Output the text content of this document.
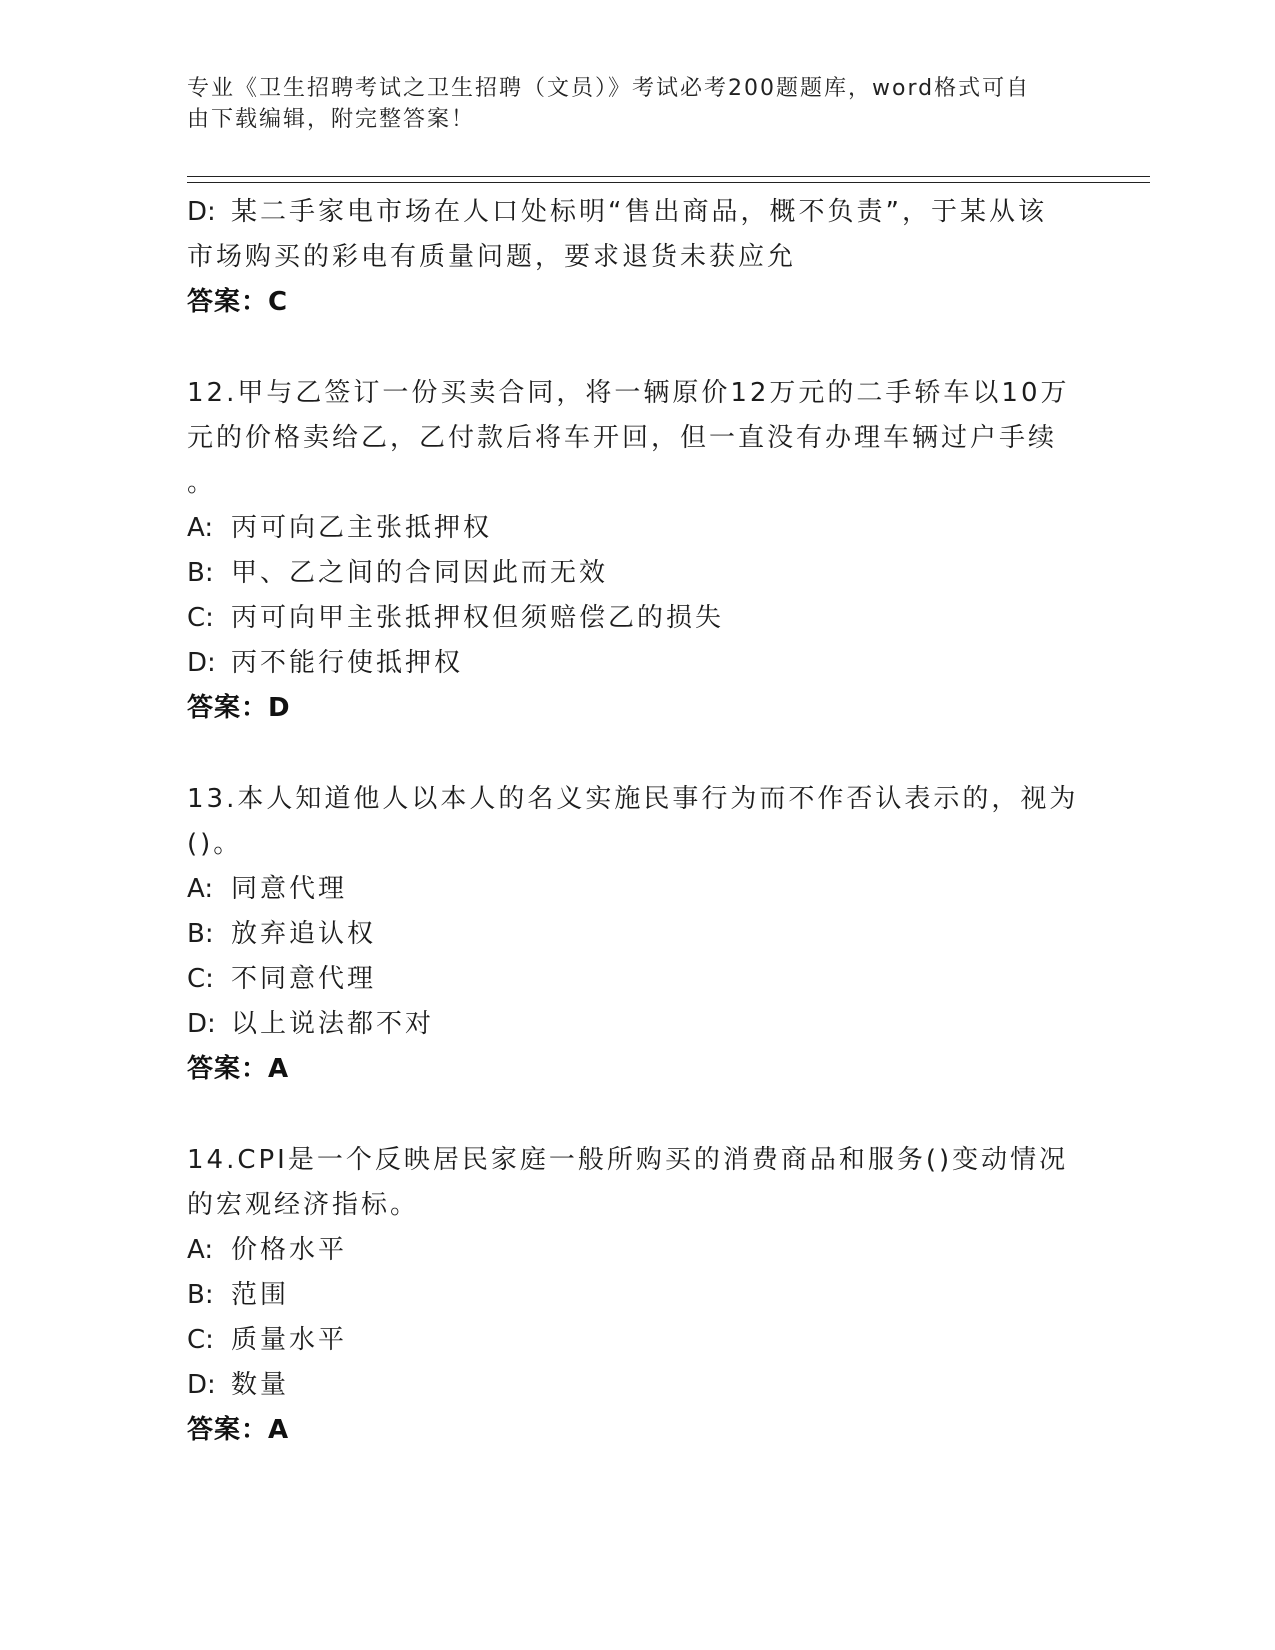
专业《卫生招聘考试之卫生招聘（文员）》考试必考200题题库，word格式可自
由下载编辑，附完整答案！
D: 某二手家电市场在人口处标明“售出商品，概不负责”，于某从该
市场购买的彩电有质量问题，要求退货未获应允
答案：C
12.甲与乙签订一份买卖合同，将一辆原价12万元的二手轿车以10万
元的价格卖给乙，乙付款后将车开回，但一直没有办理车辆过户手续
。
A: 丙可向乙主张抵押权
B: 甲、乙之间的合同因此而无效
C: 丙可向甲主张抵押权但须赔偿乙的损失
D: 丙不能行使抵押权
答案：D
13.本人知道他人以本人的名义实施民事行为而不作否认表示的，视为
()。
A: 同意代理
B: 放弃追认权
C: 不同意代理
D: 以上说法都不对
答案：A
14.CPI是一个反映居民家庭一般所购买的消费商品和服务()变动情况
的宏观经济指标。
A: 价格水平
B: 范围
C: 质量水平
D: 数量
答案：A
